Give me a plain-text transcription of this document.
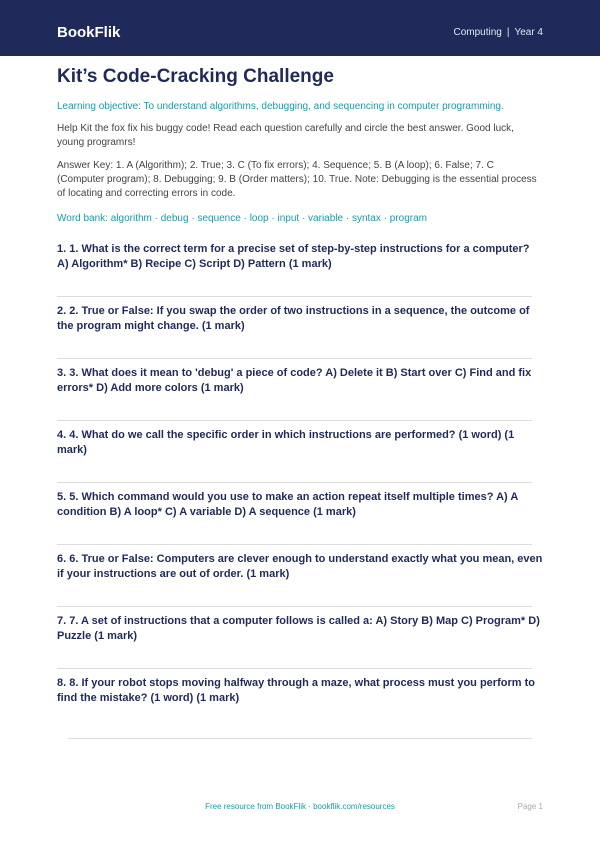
BookFlik	Computing | Year 4
Kit’s Code-Cracking Challenge

Learning objective: To understand algorithms, debugging, and sequencing in computer programming.

Help Kit the fox fix his buggy code! Read each question carefully and circle the best answer. Good luck, young programrs!

Answer Key: 1. A (Algorithm); 2. True; 3. C (To fix errors); 4. Sequence; 5. B (A loop); 6. False; 7. C (Computer program); 8. Debugging; 9. B (Order matters); 10. True. Note: Debugging is the essential process of locating and correcting errors in code.

Word bank: algorithm · debug · sequence · loop · input · variable · syntax · program

1. 1. What is the correct term for a precise set of step-by-step instructions for a computer? A) Algorithm* B) Recipe C) Script D) Pattern (1 mark)
2. 2. True or False: If you swap the order of two instructions in a sequence, the outcome of the program might change. (1 mark)
3. 3. What does it mean to 'debug' a piece of code? A) Delete it B) Start over C) Find and fix errors* D) Add more colors (1 mark)
4. 4. What do we call the specific order in which instructions are performed? (1 word) (1 mark)
5. 5. Which command would you use to make an action repeat itself multiple times? A) A condition B) A loop* C) A variable D) A sequence (1 mark)
6. 6. True or False: Computers are clever enough to understand exactly what you mean, even if your instructions are out of order. (1 mark)
7. 7. A set of instructions that a computer follows is called a: A) Story B) Map C) Program* D) Puzzle (1 mark)
8. 8. If your robot stops moving halfway through a maze, what process must you perform to find the mistake? (1 word) (1 mark)
Free resource from BookFlik · bookflik.com/resources	Page 1
